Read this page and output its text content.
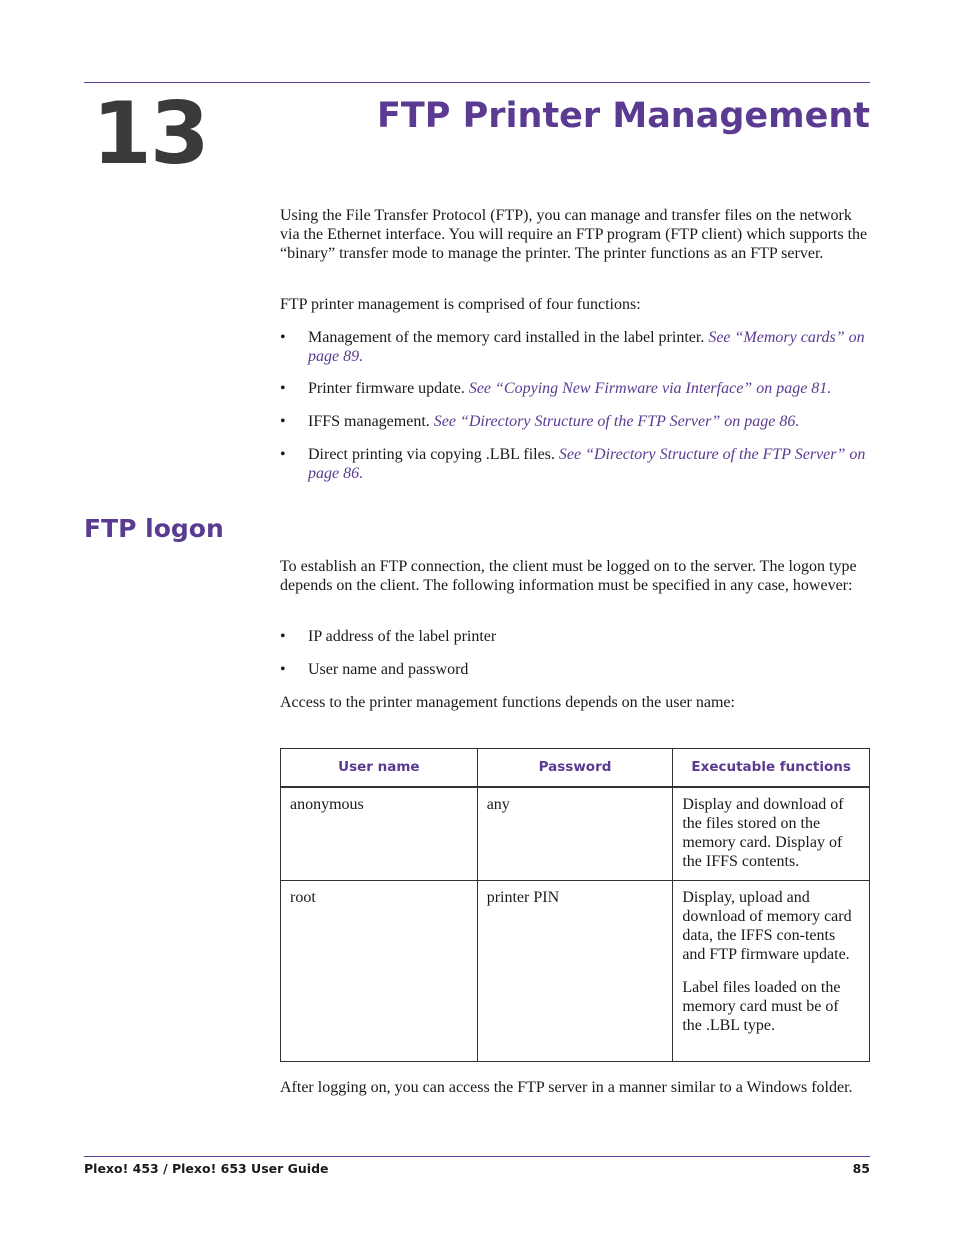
13	FTP Printer Management

Using the File Transfer Protocol (FTP), you can manage and transfer files on the network via the Ethernet interface. You will require an FTP program (FTP client) which supports the “binary” transfer mode to manage the printer. The printer functions as an FTP server.

FTP printer management is comprised of four functions:

• Management of the memory card installed in the label printer. See “Memory cards” on page 89.
• Printer firmware update. See “Copying New Firmware via Interface” on page 81.
• IFFS management. See “Directory Structure of the FTP Server” on page 86.
• Direct printing via copying .LBL files. See “Directory Structure of the FTP Server” on page 86.
FTP logon

To establish an FTP connection, the client must be logged on to the server. The logon type depends on the client. The following information must be specified in any case, however:

• IP address of the label printer
• User name and password

Access to the printer management functions depends on the user name:

User name	Password	Executable functions
anonymous	any	Display and download of the files stored on the memory card. Display of the IFFS contents.

root	printer PIN	Display, upload and download of memory card data, the IFFS con-tents and FTP firmware update.

Label files loaded on the memory card must be of the .LBL type.

After logging on, you can access the FTP server in a manner similar to a Windows folder.

Plexo! 453 / Plexo! 653 User Guide	85
